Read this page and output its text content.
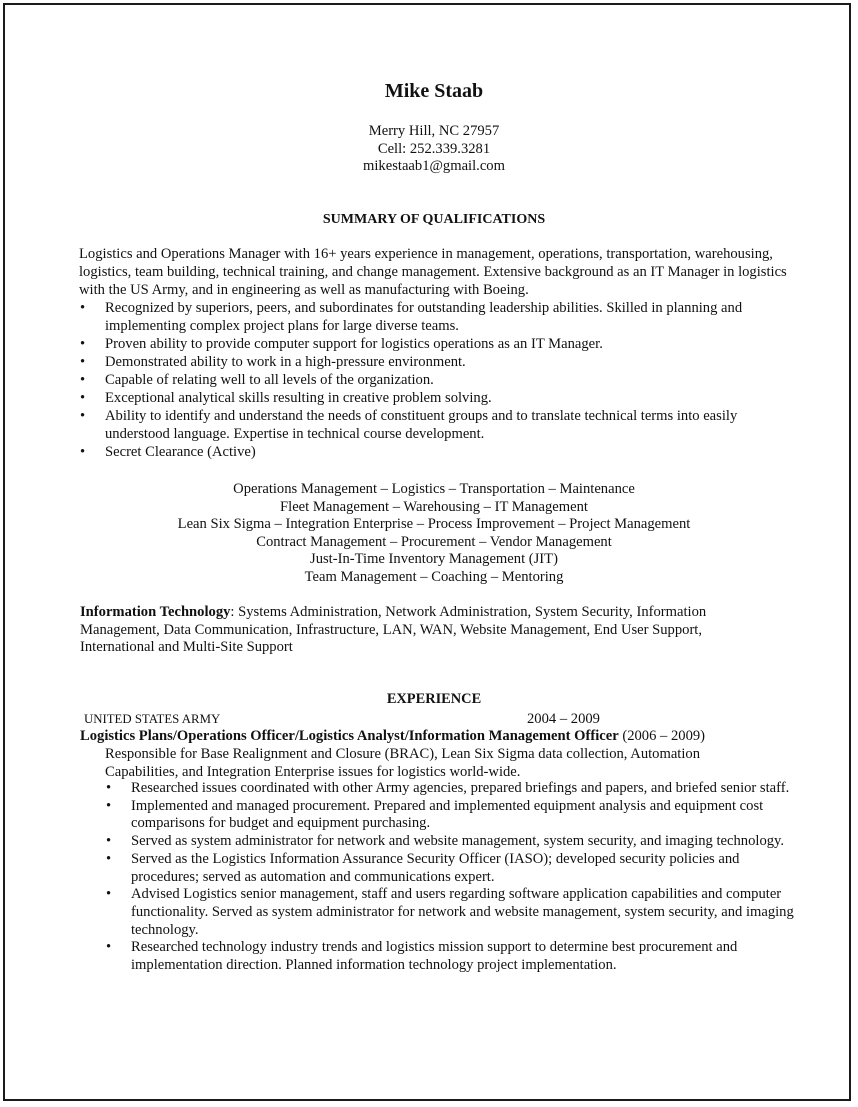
Mike Staab
Merry Hill, NC 27957
Cell: 252.339.3281
mikestaab1@gmail.com
SUMMARY OF QUALIFICATIONS
Logistics and Operations Manager with 16+ years experience in management, operations, transportation, warehousing, logistics, team building, technical training, and change management. Extensive background as an IT Manager in logistics with the US Army, and in engineering as well as manufacturing with Boeing.
• Recognized by superiors, peers, and subordinates for outstanding leadership abilities. Skilled in planning and implementing complex project plans for large diverse teams.
• Proven ability to provide computer support for logistics operations as an IT Manager.
• Demonstrated ability to work in a high-pressure environment.
• Capable of relating well to all levels of the organization.
• Exceptional analytical skills resulting in creative problem solving.
• Ability to identify and understand the needs of constituent groups and to translate technical terms into easily understood language. Expertise in technical course development.
• Secret Clearance (Active)
Operations Management – Logistics – Transportation – Maintenance
Fleet Management – Warehousing – IT Management
Lean Six Sigma – Integration Enterprise – Process Improvement – Project Management
Contract Management – Procurement – Vendor Management
Just-In-Time Inventory Management (JIT)
Team Management – Coaching – Mentoring
Information Technology: Systems Administration, Network Administration, System Security, Information Management, Data Communication, Infrastructure, LAN, WAN, Website Management, End User Support, International and Multi-Site Support
EXPERIENCE
UNITED STATES ARMY	2004 – 2009
Logistics Plans/Operations Officer/Logistics Analyst/Information Management Officer (2006 – 2009)
Responsible for Base Realignment and Closure (BRAC), Lean Six Sigma data collection, Automation Capabilities, and Integration Enterprise issues for logistics world-wide.
• Researched issues coordinated with other Army agencies, prepared briefings and papers, and briefed senior staff.
• Implemented and managed procurement. Prepared and implemented equipment analysis and equipment cost comparisons for budget and equipment purchasing.
• Served as system administrator for network and website management, system security, and imaging technology.
• Served as the Logistics Information Assurance Security Officer (IASO); developed security policies and procedures; served as automation and communications expert.
• Advised Logistics senior management, staff and users regarding software application capabilities and computer functionality. Served as system administrator for network and website management, system security, and imaging technology.
• Researched technology industry trends and logistics mission support to determine best procurement and implementation direction. Planned information technology project implementation.
